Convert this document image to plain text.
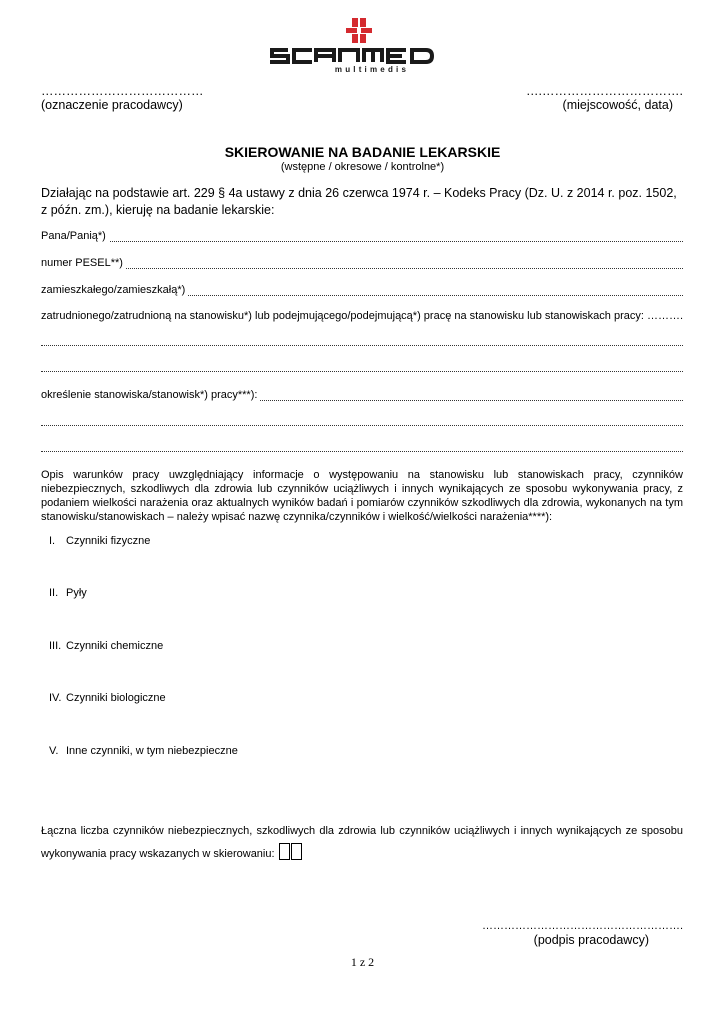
multimedis
…………………………………
(oznaczenie pracodawcy)
….…………………………….
(miejscowość, data)
SKIEROWANIE NA BADANIE LEKARSKIE
(wstępne / okresowe / kontrolne*)
Działając na podstawie art. 229 § 4a ustawy z dnia 26 czerwca 1974 r. – Kodeks Pracy (Dz. U. z 2014 r. poz. 1502,
z późn. zm.), kieruję na badanie lekarskie:
Pana/Panią*)
numer PESEL**)
zamieszkałego/zamieszkałą*)
zatrudnionego/zatrudnioną na stanowisku*) lub podejmującego/podejmującą*) pracę na stanowisku lub stanowiskach pracy: ……….
określenie stanowiska/stanowisk*) pracy***):
Opis warunków pracy uwzględniający informacje o występowaniu na stanowisku lub stanowiskach pracy, czynników
niebezpiecznych, szkodliwych dla zdrowia lub czynników uciążliwych i innych wynikających ze sposobu wykonywania pracy, z
podaniem wielkości narażenia oraz aktualnych wyników badań i pomiarów czynników szkodliwych dla zdrowia, wykonanych na tym
stanowisku/stanowiskach – należy wpisać nazwę czynnika/czynników i wielkość/wielkości narażenia****):
I. Czynniki fizyczne
II. Pyły
III. Czynniki chemiczne
IV. Czynniki biologiczne
V. Inne czynniki, w tym niebezpieczne
Łączna liczba czynników niebezpiecznych, szkodliwych dla zdrowia lub czynników uciążliwych i innych wynikających ze sposobu
wykonywania pracy wskazanych w skierowaniu:
……………………………………………….
(podpis pracodawcy)
1 z 2
